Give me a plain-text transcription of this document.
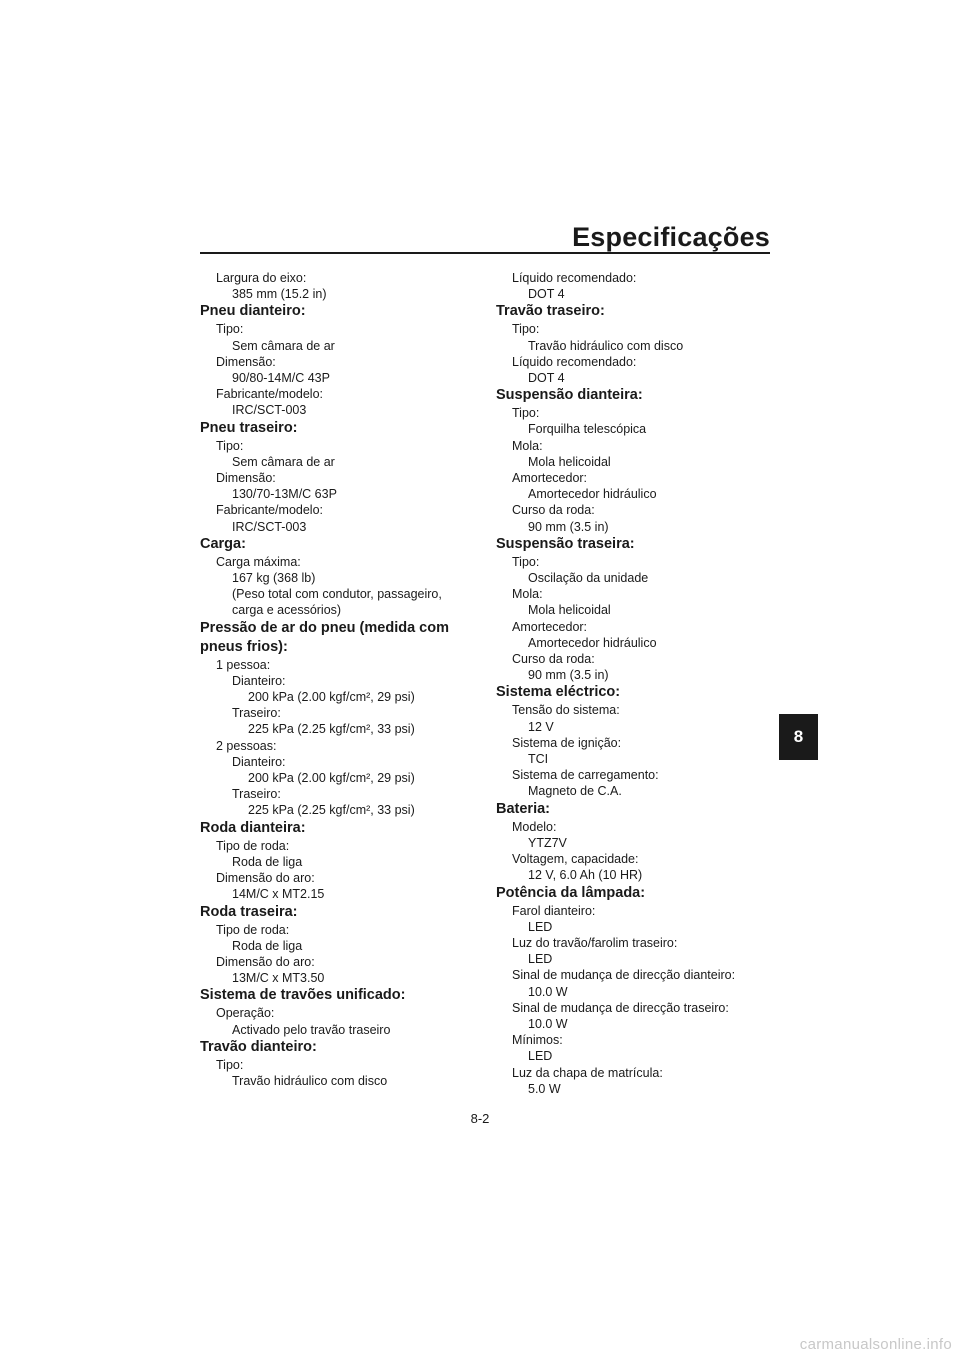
Especificações
Largura do eixo:
385 mm (15.2 in)
Pneu dianteiro:
Tipo:
Sem câmara de ar
Dimensão:
90/80-14M/C 43P
Fabricante/modelo:
IRC/SCT-003
Pneu traseiro:
Tipo:
Sem câmara de ar
Dimensão:
130/70-13M/C 63P
Fabricante/modelo:
IRC/SCT-003
Carga:
Carga máxima:
167 kg (368 lb)
(Peso total com condutor, passageiro,
carga e acessórios)
Pressão de ar do pneu (medida com
pneus frios):
1 pessoa:
Dianteiro:
200 kPa (2.00 kgf/cm², 29 psi)
Traseiro:
225 kPa (2.25 kgf/cm², 33 psi)
2 pessoas:
Dianteiro:
200 kPa (2.00 kgf/cm², 29 psi)
Traseiro:
225 kPa (2.25 kgf/cm², 33 psi)
Roda dianteira:
Tipo de roda:
Roda de liga
Dimensão do aro:
14M/C x MT2.15
Roda traseira:
Tipo de roda:
Roda de liga
Dimensão do aro:
13M/C x MT3.50
Sistema de travões unificado:
Operação:
Activado pelo travão traseiro
Travão dianteiro:
Tipo:
Travão hidráulico com disco
Líquido recomendado:
DOT 4
Travão traseiro:
Tipo:
Travão hidráulico com disco
Líquido recomendado:
DOT 4
Suspensão dianteira:
Tipo:
Forquilha telescópica
Mola:
Mola helicoidal
Amortecedor:
Amortecedor hidráulico
Curso da roda:
90 mm (3.5 in)
Suspensão traseira:
Tipo:
Oscilação da unidade
Mola:
Mola helicoidal
Amortecedor:
Amortecedor hidráulico
Curso da roda:
90 mm (3.5 in)
Sistema eléctrico:
Tensão do sistema:
12 V
Sistema de ignição:
TCI
Sistema de carregamento:
Magneto de C.A.
Bateria:
Modelo:
YTZ7V
Voltagem, capacidade:
12 V, 6.0 Ah (10 HR)
Potência da lâmpada:
Farol dianteiro:
LED
Luz do travão/farolim traseiro:
LED
Sinal de mudança de direcção dianteiro:
10.0 W
Sinal de mudança de direcção traseiro:
10.0 W
Mínimos:
LED
Luz da chapa de matrícula:
5.0 W
8
8-2
carmanualsonline.info
